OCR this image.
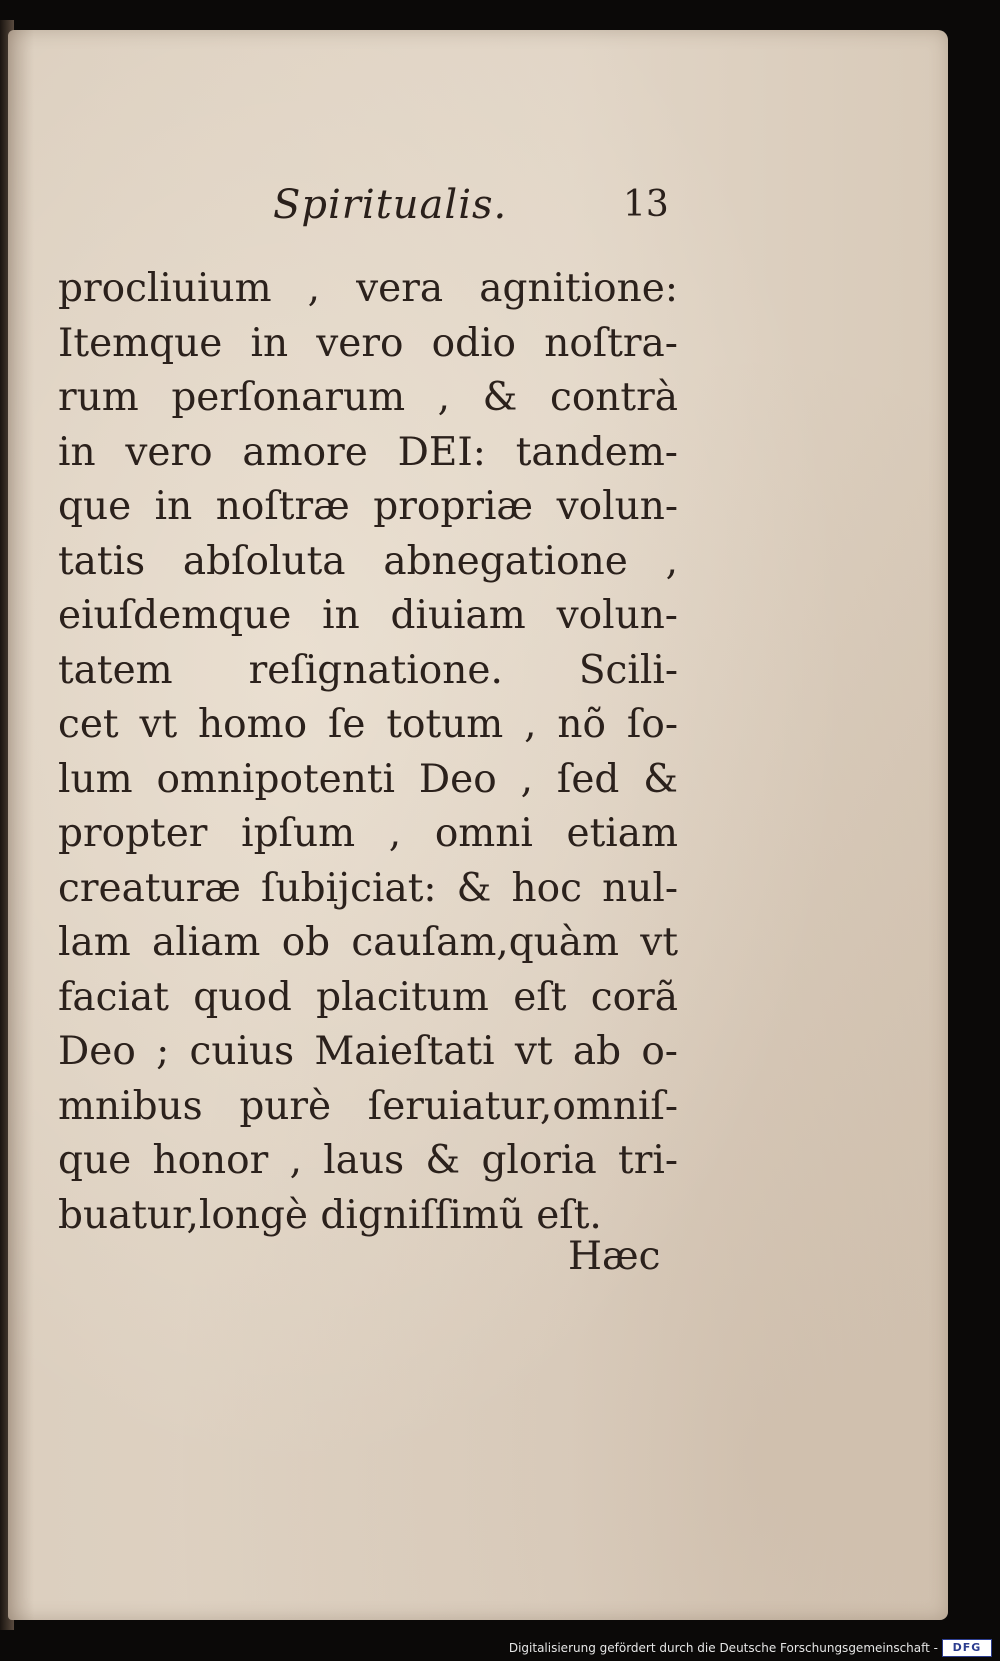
Spiritualis.	13
procliuium , vera agnitione:
Itemque in vero odio noſtra-
rum perſonarum , & contrà
in vero amore DEI: tandem-
que in noſtræ propriæ volun-
tatis abſoluta abnegatione ,
eiuſdemque in diuiam volun-
tatem reſignatione. Scili-
cet vt homo ſe totum , nõ ſo-
lum omnipotenti Deo , ſed &
propter ipſum , omni etiam
creaturæ ſubijciat: & hoc nul-
lam aliam ob cauſam,quàm vt
faciat quod placitum eſt corã
Deo ; cuius Maieſtati vt ab o-
mnibus purè ſeruiatur,omniſ-
que honor , laus & gloria tri-
buatur,longè digniſſimũ eſt.
Hæc
Digitalisierung gefördert durch die Deutsche Forschungsgemeinschaft -	DFG
